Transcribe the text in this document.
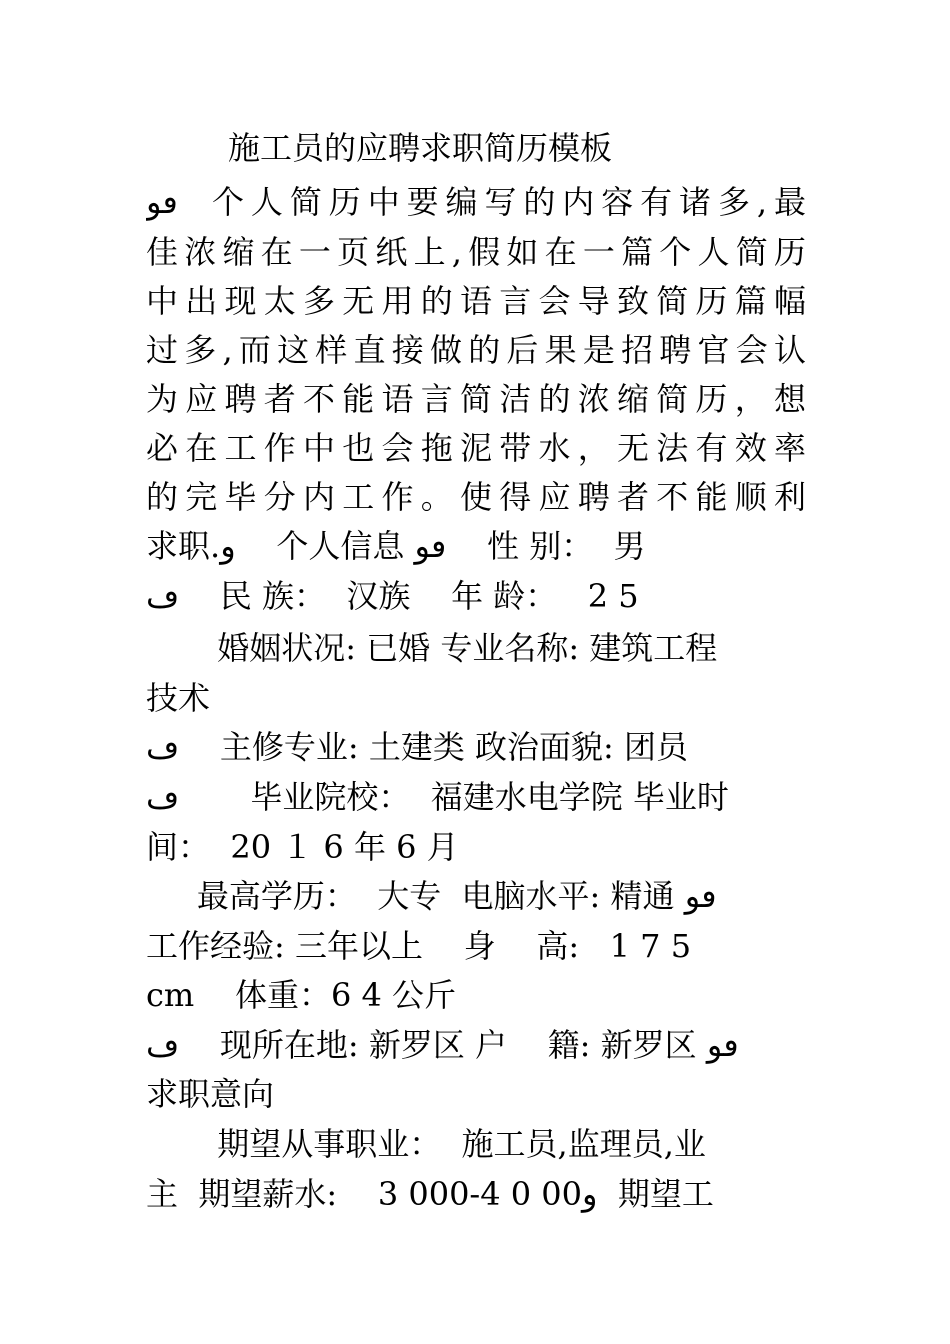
施工员的应聘求职简历模板
ڡو  个人简历中要编写的内容有诸多,最
佳浓缩在一页纸上,假如在一篇个人简历
中出现太多无用的语言会导致简历篇幅
过多,而这样直接做的后果是招聘官会认
为应聘者不能语言简洁的浓缩简历，想
必在工作中也会拖泥带水，无法有效率
的完毕分内工作。使得应聘者不能顺利
求职.و    个人信息 ڡو    性 别：  男
ڡ    民 族：  汉族    年 龄：   2 5
婚姻状况: 已婚 专业名称: 建筑工程
技术
ڡ    主修专业: 土建类 政治面貌: 团员
ڡ       毕业院校：  福建水电学院 毕业时
间：  20 １ 6 年 6 月
最高学历：  大专  电脑水平: 精通 ڡو
工作经验: 三年以上    身    高:   1 7 5
cm    体重：6 4 公斤
ڡ    现所在地: 新罗区 户    籍: 新罗区 ڡو
求职意向
期望从事职业：  施工员,监理员,业
主  期望薪水:    3 000-4 0 00و  期望工
